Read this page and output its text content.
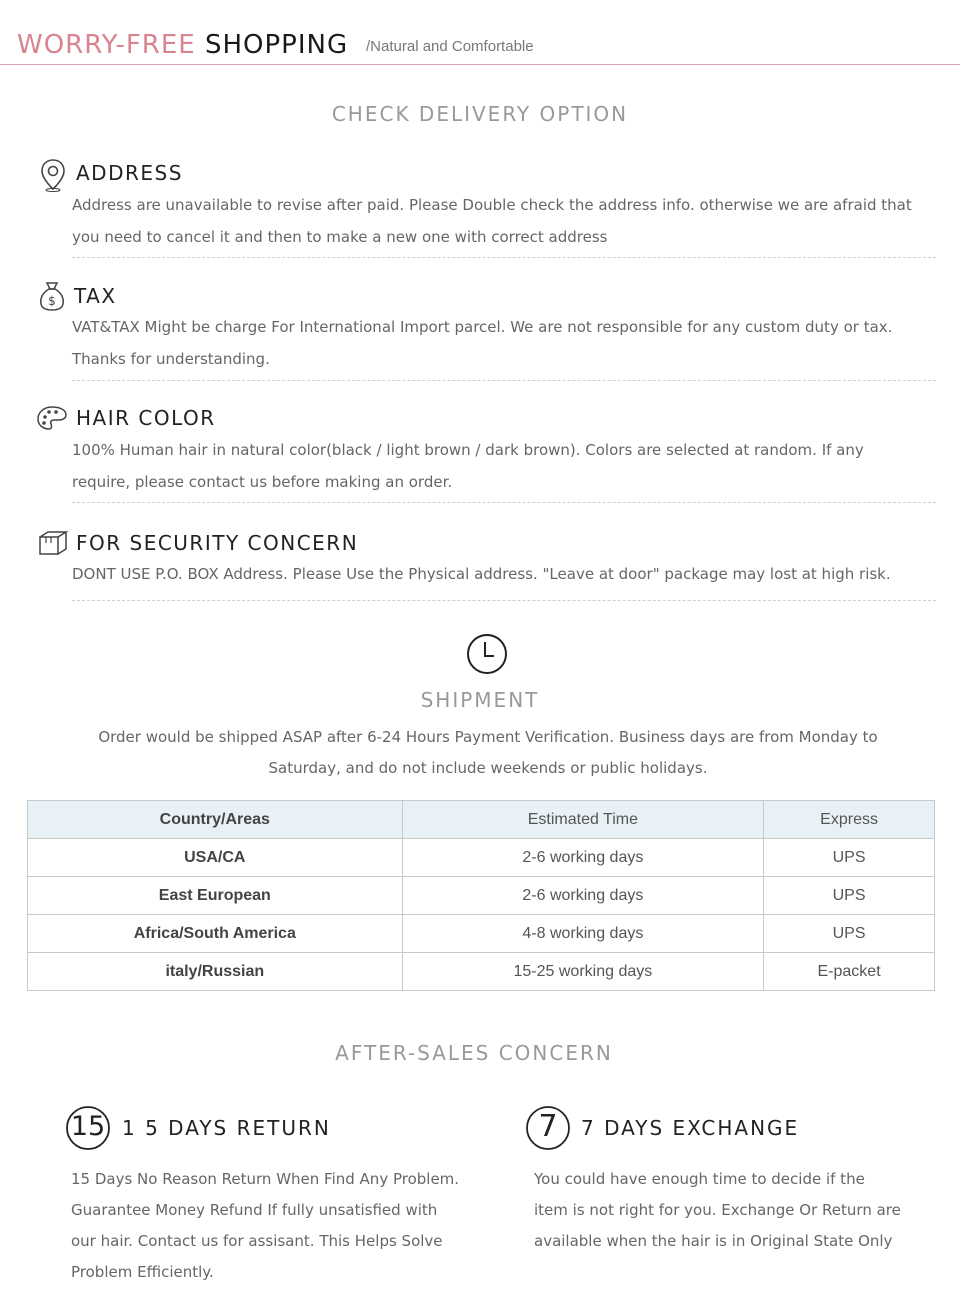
WORRY-FREE SHOPPING /Natural and Comfortable
CHECK DELIVERY OPTION
ADDRESS
Address are unavailable to revise after paid. Please Double check the address info. otherwise we are afraid that
you need to cancel it and then to make a new one with correct address
$ TAX
VAT&TAX Might be charge For International Import parcel. We are not responsible for any custom duty or tax.
Thanks for understanding.
HAIR COLOR
100% Human hair in natural color(black / light brown / dark brown). Colors are selected at random. If any
require, please contact us before making an order.
FOR SECURITY CONCERN
DONT USE P.O. BOX Address. Please Use the Physical address. "Leave at door" package may lost at high risk.
SHIPMENT
Order would be shipped ASAP after 6-24 Hours Payment Verification. Business days are from Monday to
Saturday, and do not include weekends or public holidays.
Country/Areas	Estimated Time	Express
USA/CA	2-6 working days	UPS
East European	2-6 working days	UPS
Africa/South America	4-8 working days	UPS
italy/Russian	15-25 working days	E-packet
AFTER-SALES CONCERN
15 1 5 DAYS RETURN
15 Days No Reason Return When Find Any Problem.
Guarantee Money Refund If fully unsatisfied with
our hair. Contact us for assisant. This Helps Solve
Problem Efficiently.
7	7 DAYS EXCHANGE
You could have enough time to decide if the
item is not right for you. Exchange Or Return are
available when the hair is in Original State Only
